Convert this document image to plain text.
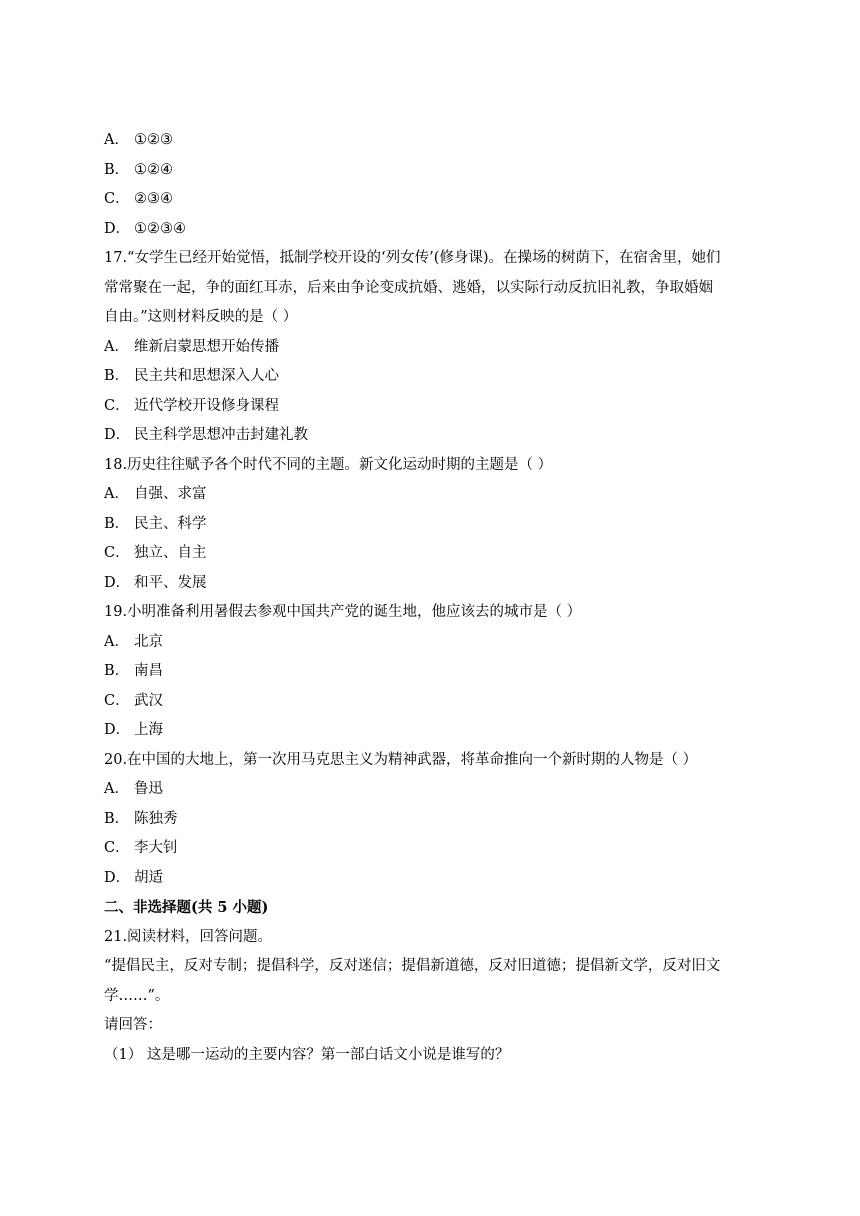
A． ①②③
B． ①②④
C． ②③④
D． ①②③④
17.“女学生已经开始觉悟，抵制学校开设的‘列女传’(修身课)。在操场的树荫下，在宿舍里，她们
常常聚在一起，争的面红耳赤，后来由争论变成抗婚、逃婚，以实际行动反抗旧礼教，争取婚姻
自由。”这则材料反映的是（ ）
A． 维新启蒙思想开始传播
B． 民主共和思想深入人心
C． 近代学校开设修身课程
D． 民主科学思想冲击封建礼教
18.历史往往赋予各个时代不同的主题。新文化运动时期的主题是（ ）
A． 自强、求富
B． 民主、科学
C． 独立、自主
D． 和平、发展
19.小明准备利用暑假去参观中国共产党的诞生地，他应该去的城市是（ ）
A． 北京
B． 南昌
C． 武汉
D． 上海
20.在中国的大地上，第一次用马克思主义为精神武器，将革命推向一个新时期的人物是（ ）
A． 鲁迅
B． 陈独秀
C． 李大钊
D． 胡适
二、非选择题(共 5 小题)
21.阅读材料，回答问题。
“提倡民主，反对专制；提倡科学，反对迷信；提倡新道德，反对旧道德；提倡新文学，反对旧文
学……”。
请回答：
（1） 这是哪一运动的主要内容？第一部白话文小说是谁写的？
